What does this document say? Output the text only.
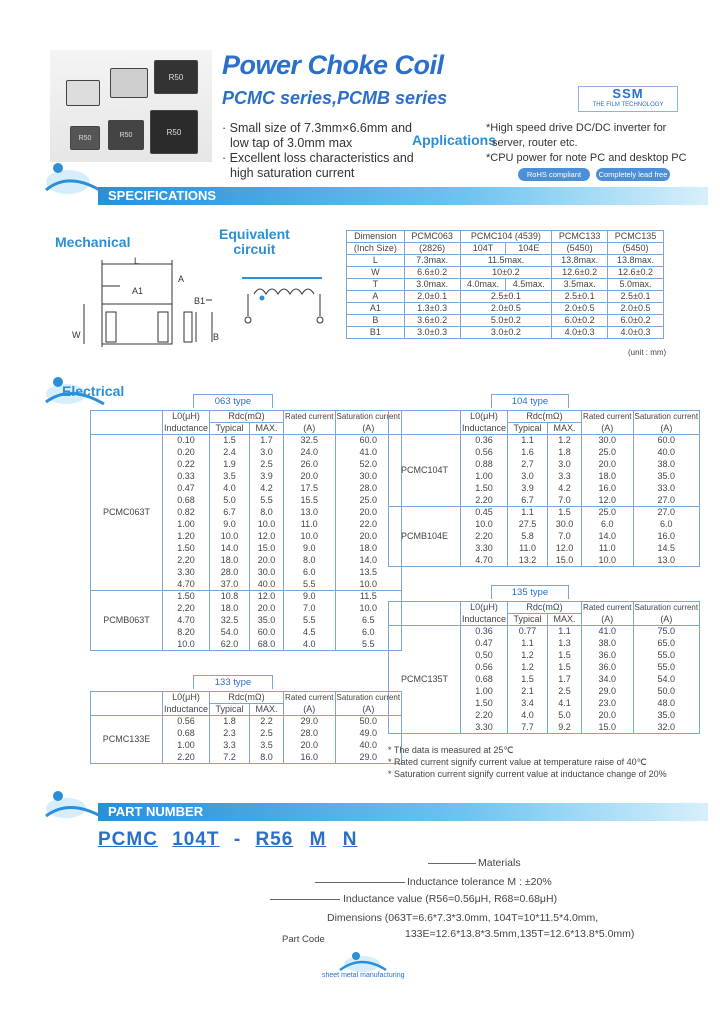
R50
R50	R50	R50
Power Choke Coil
PCMC series,PCMB series	SSM
THE FILM TECHNOLOGY
· Small size of 7.3mm×6.6mm and
low tap of 3.0mm max
· Excellent loss characteristics and
high saturation current
Applications
*High speed drive DC/DC inverter for
server, router etc.
*CPU power for note PC and desktop PC
RoHS compliant	Completely lead free
SPECIFICATIONS
Mechanical
L
A
A1
B1
W	B
Equivalent
circuit
Dimension	PCMC063	PCMC104 (4539)		PCMC133	PCMC135
(Inch Size)	(2826)	104T	104E	(5450)	(5450)
L	7.3max.	11.5max.		13.8max.	13.8max.
W	6.6±0.2	10±0.2		12.6±0.2	12.6±0.2
T	3.0max.	4.0max.	4.5max.	3.5max.	5.0max.
A	2.0±0.1	2.5±0.1		2.5±0.1	2.5±0.1
A1	1.3±0.3	2.0±0.5		2.0±0.5	2.0±0.5
B	3.6±0.2	5.0±0.2		6.0±0.2	6.0±0.2
B1	3.0±0.3	3.0±0.2		4.0±0.3	4.0±0.3
(unit : mm)
Electrical
063 type
	L0(μH)	Rdc(mΩ)		Rated current	Saturation current
	Inductance	Typical	MAX.	(A)	(A)
PCMC063T	0.10	1.5	1.7	32.5	60.0
	0.20	2.4	3.0	24.0	41.0
	0.22	1.9	2.5	26.0	52.0
	0.33	3.5	3.9	20.0	30.0
	0.47	4.0	4.2	17.5	28.0
	0.68	5.0	5.5	15.5	25.0
	0.82	6.7	8.0	13.0	20.0
	1.00	9.0	10.0	11.0	22.0
	1.20	10.0	12.0	10.0	20.0
	1.50	14.0	15.0	9.0	18.0
	2.20	18.0	20.0	8.0	14.0
	3.30	28.0	30.0	6.0	13.5
	4.70	37.0	40.0	5.5	10.0
PCMB063T	1.50	10.8	12.0	9.0	11.5
	2.20	18.0	20.0	7.0	10.0
	4.70	32.5	35.0	5.5	6.5
	8.20	54.0	60.0	4.5	6.0
	10.0	62.0	68.0	4.0	5.5
104 type
	L0(μH)	Rdc(mΩ)		Rated current	Saturation current
	Inductance	Typical	MAX.	(A)	(A)
PCMC104T	0.36	1.1	1.2	30.0	60.0
	0.56	1.6	1.8	25.0	40.0
	0.88	2.7	3.0	20.0	38.0
	1.00	3.0	3.3	18.0	35.0
	1.50	3.9	4.2	16.0	33.0
	2.20	6.7	7.0	12.0	27.0
PCMB104E	0.45	1.1	1.5	25.0	27.0
	10.0	27.5	30.0	6.0	6.0
	2.20	5.8	7.0	14.0	16.0
	3.30	11.0	12.0	11.0	14.5
	4.70	13.2	15.0	10.0	13.0
135 type
	L0(μH)	Rdc(mΩ)		Rated current	Saturation current
	Inductance	Typical	MAX.	(A)	(A)
PCMC135T	0.36	0.77	1.1	41.0	75.0
	0.47	1.1	1.3	38.0	65.0
	0.50	1.2	1.5	36.0	55.0
	0.56	1.2	1.5	36.0	55.0
	0.68	1.5	1.7	34.0	54.0
	1.00	2.1	2.5	29.0	50.0
	1.50	3.4	4.1	23.0	48.0
	2.20	4.0	5.0	20.0	35.0
	3.30	7.7	9.2	15.0	32.0
133 type
	L0(μH)	Rdc(mΩ)		Rated current	Saturation current
	Inductance	Typical	MAX.	(A)	(A)
PCMC133E	0.56	1.8	2.2	29.0	50.0
	0.68	2.3	2.5	28.0	49.0
	1.00	3.3	3.5	20.0	40.0
	2.20	7.2	8.0	16.0	29.0
* The data is measured at 25℃
* Rated current signify current value at temperature raise of 40℃
* Saturation current signify current value at inductance change of 20%
PART NUMBER
PCMC 104T - R56 M N
Materials
Inductance tolerance M : ±20%
Inductance value (R56=0.56μH, R68=0.68μH)
Dimensions (063T=6.6*7.3*3.0mm, 104T=10*11.5*4.0mm,
133E=12.6*13.8*3.5mm,135T=12.6*13.8*5.0mm)
Part Code
sheet metal manufacturing
